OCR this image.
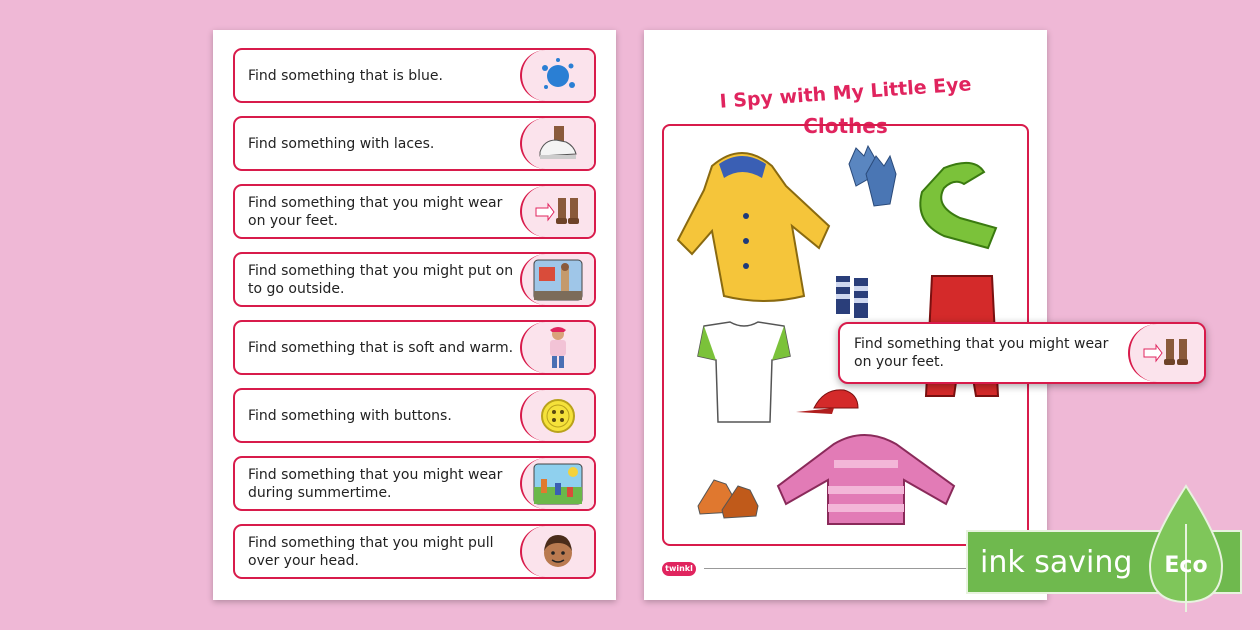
Find something that is blue.
Find something with laces.
Find something that you might wear on your feet.
Find something that you might put on to go outside.
Find something that is soft and warm.
Find something with buttons.
Find something that you might wear during summertime.
Find something that you might pull over your head.
I Spy with My Little Eye
Clothes
twinkl
Find something that you might wear on your feet.
ink saving	Eco
